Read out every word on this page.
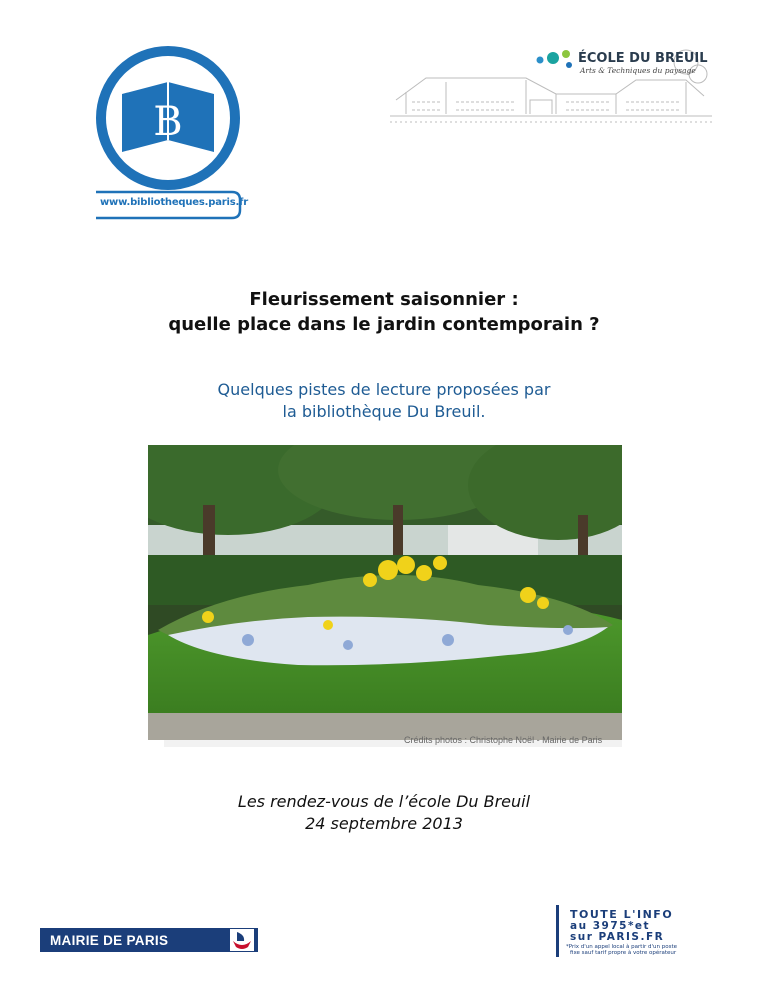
B
www.bibliotheques.paris.fr
ÉCOLE DU BREUIL
Arts & Techniques du paysage
Fleurissement saisonnier :
quelle place dans le jardin contemporain ?
Quelques pistes de lecture proposées par
la bibliothèque Du Breuil.
Crédits photos : Christophe Noël - Mairie de Paris
Les rendez-vous de l’école Du Breuil
24 septembre 2013
MAIRIE DE PARIS
TOUTE L'INFO
au 3975*et
sur PARIS.FR
*Prix d'un appel local à partir d'un poste
fixe sauf tarif propre à votre opérateur
